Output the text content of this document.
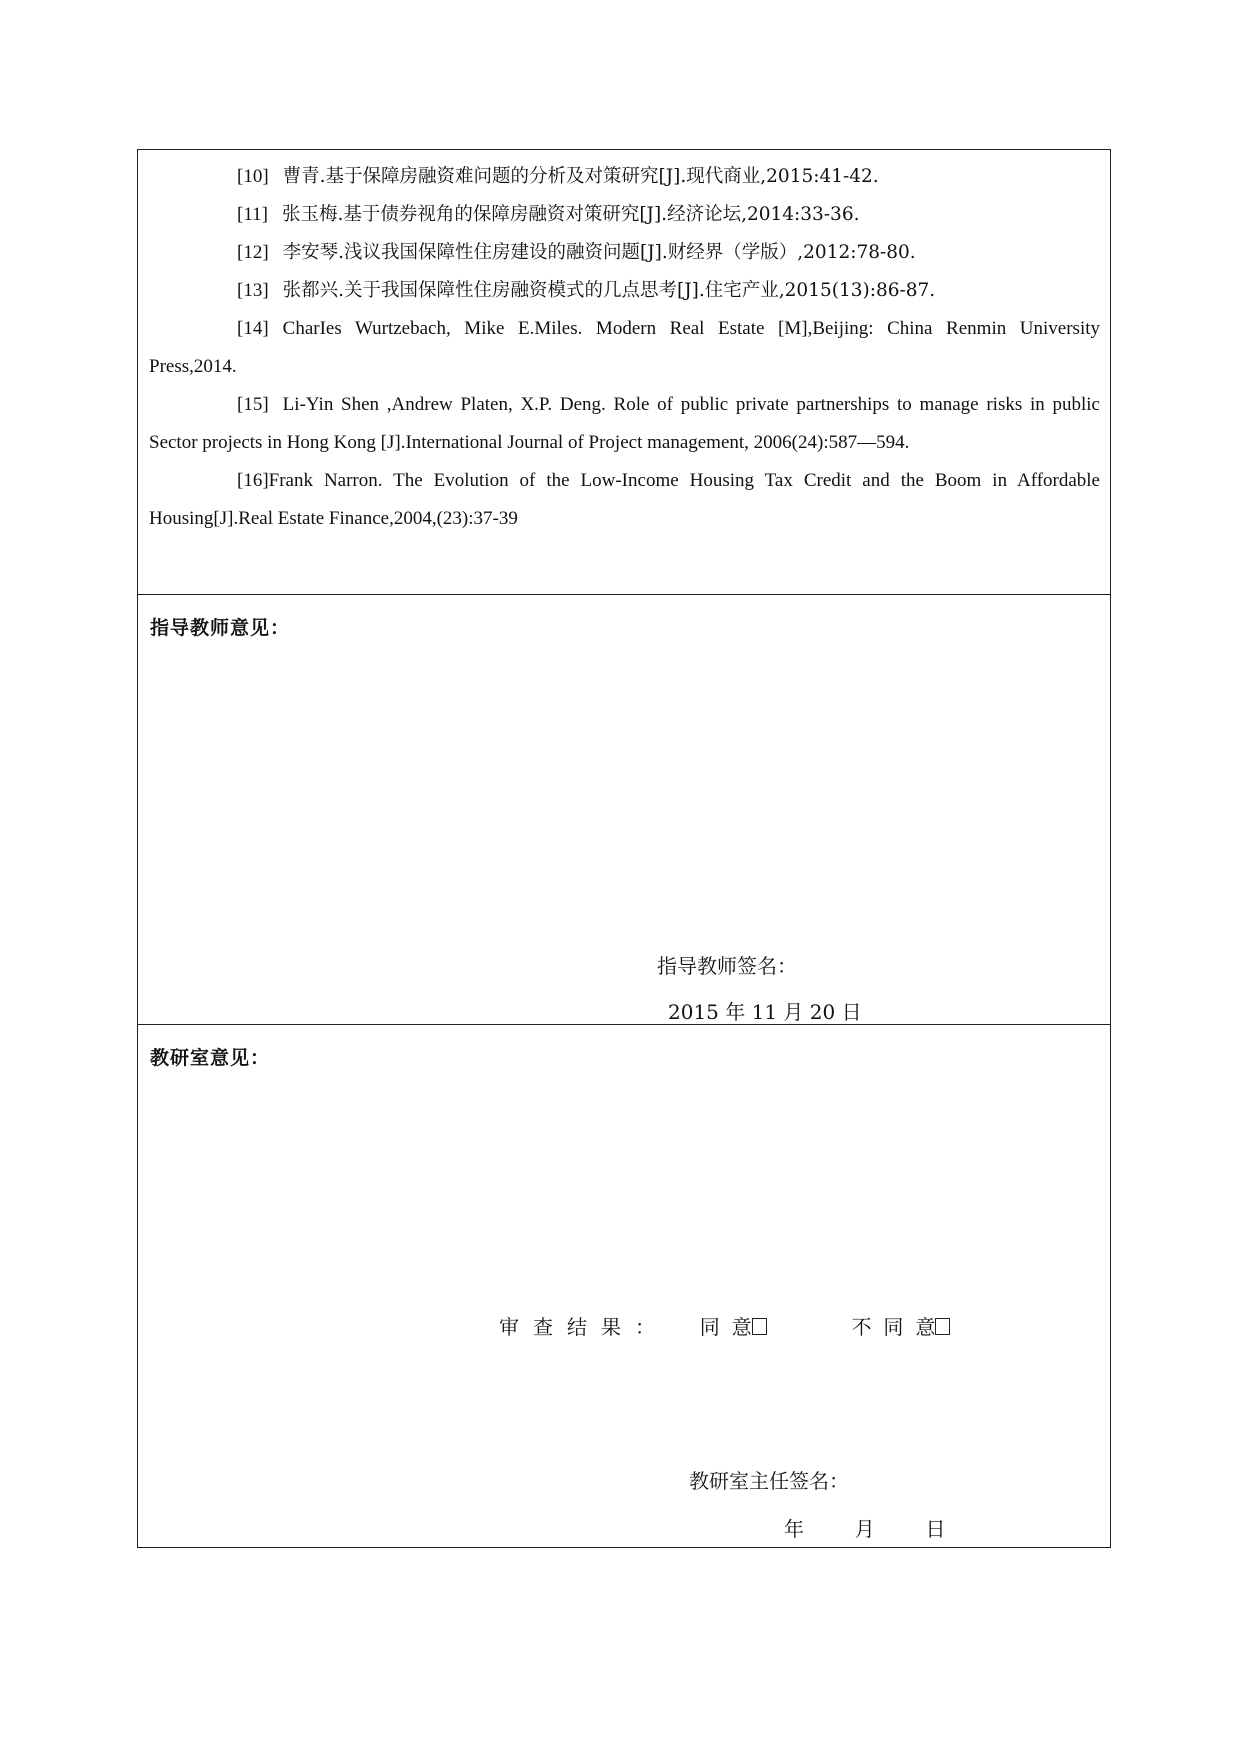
[10] 曹青.基于保障房融资难问题的分析及对策研究[J].现代商业,2015:41-42.

[11] 张玉梅.基于债券视角的保障房融资对策研究[J].经济论坛,2014:33-36.

[12] 李安琴.浅议我国保障性住房建设的融资问题[J].财经界（学版）,2012:78-80.

[13] 张都兴.关于我国保障性住房融资模式的几点思考[J].住宅产业,2015(13):86-87.

[14] CharIes Wurtzebach, Mike E.Miles. Modern Real Estate [M],Beijing: China Renmin University Press,2014.

[15] Li-Yin Shen ,Andrew Platen, X.P. Deng. Role of public private partnerships to manage risks in public Sector projects in Hong Kong [J].International Journal of Project management, 2006(24):587—594.

[16]Frank Narron. The Evolution of the Low-Income Housing Tax Credit and the Boom in Affordable Housing[J].Real Estate Finance,2004,(23):37-39

指导教师意见：
指导教师签名：
2015 年 11 月 20 日
教研室意见：
审查结果： 同意	不同意
教研室主任签名：
年	月	日
